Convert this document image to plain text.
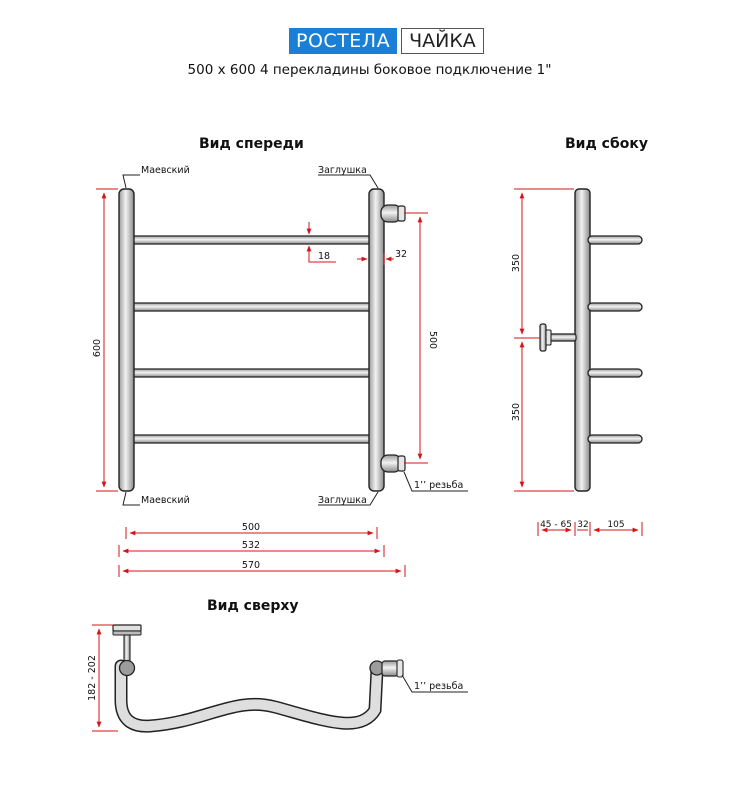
РОСТЕЛА	ЧАЙКА
500 х 600 4 перекладины боковое подключение 1"
Вид спереди	Вид сбоку
Вид сверху
Маевский	Заглушка
Маевский	Заглушка
1’’ резьба
600	500
18	32
500
532
570
350
350
45 - 65 32 105
1’’ резьба
182 - 202
